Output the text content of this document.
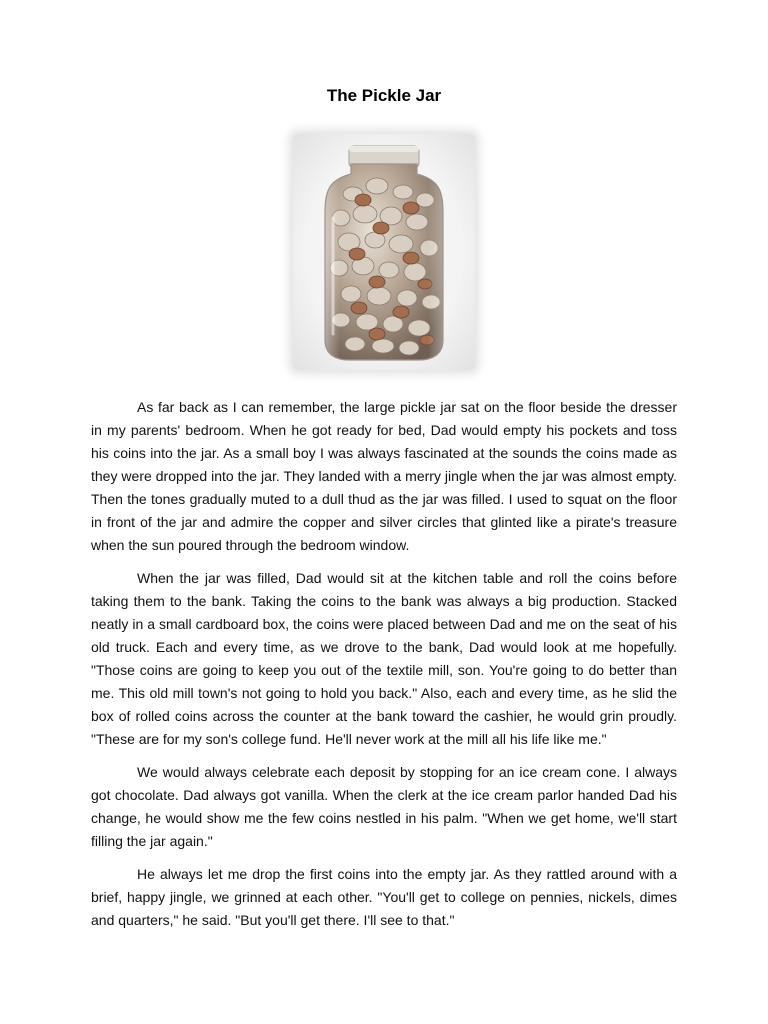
The Pickle Jar

As far back as I can remember, the large pickle jar sat on the floor beside the dresser in my parents' bedroom. When he got ready for bed, Dad would empty his pockets and toss his coins into the jar. As a small boy I was always fascinated at the sounds the coins made as they were dropped into the jar. They landed with a merry jingle when the jar was almost empty. Then the tones gradually muted to a dull thud as the jar was filled. I used to squat on the floor in front of the jar and admire the copper and silver circles that glinted like a pirate's treasure when the sun poured through the bedroom window.

When the jar was filled, Dad would sit at the kitchen table and roll the coins before taking them to the bank. Taking the coins to the bank was always a big production. Stacked neatly in a small cardboard box, the coins were placed between Dad and me on the seat of his old truck. Each and every time, as we drove to the bank, Dad would look at me hopefully. "Those coins are going to keep you out of the textile mill, son. You're going to do better than me. This old mill town's not going to hold you back." Also, each and every time, as he slid the box of rolled coins across the counter at the bank toward the cashier, he would grin proudly. "These are for my son's college fund. He'll never work at the mill all his life like me."

We would always celebrate each deposit by stopping for an ice cream cone. I always got chocolate. Dad always got vanilla. When the clerk at the ice cream parlor handed Dad his change, he would show me the few coins nestled in his palm. "When we get home, we'll start filling the jar again."

He always let me drop the first coins into the empty jar. As they rattled around with a brief, happy jingle, we grinned at each other. "You'll get to college on pennies, nickels, dimes and quarters," he said. "But you'll get there. I'll see to that."
